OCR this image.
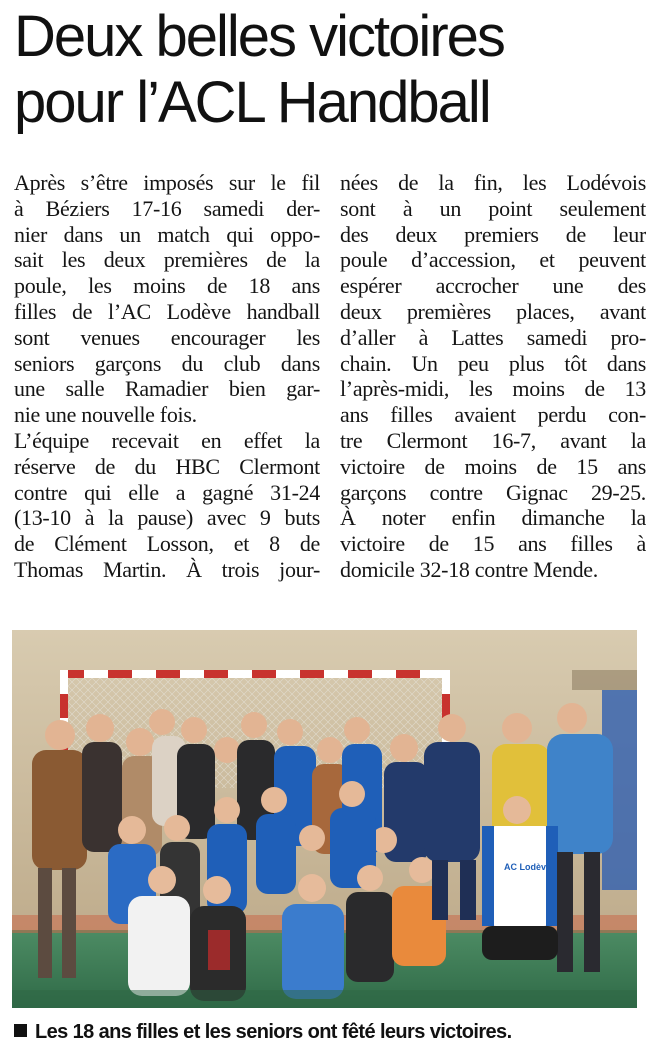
Deux belles victoires
pour l’ACL Handball
Après s’être imposés sur le fil
à Béziers 17-16 samedi der-
nier dans un match qui oppo-
sait les deux premières de la
poule, les moins de 18 ans
filles de l’AC Lodève handball
sont venues encourager les
seniors garçons du club dans
une salle Ramadier bien gar-
nie une nouvelle fois.
L’équipe recevait en effet la
réserve de du HBC Clermont
contre qui elle a gagné 31-24
(13-10 à la pause) avec 9 buts
de Clément Losson, et 8 de
Thomas Martin. À trois jour-
nées de la fin, les Lodévois
sont à un point seulement
des deux premiers de leur
poule d’accession, et peuvent
espérer accrocher une des
deux premières places, avant
d’aller à Lattes samedi pro-
chain. Un peu plus tôt dans
l’après-midi, les moins de 13
ans filles avaient perdu con-
tre Clermont 16-7, avant la
victoire de moins de 15 ans
garçons contre Gignac 29-25.
À noter enfin dimanche la
victoire de 15 ans filles à
domicile 32-18 contre Mende.
AC Lodève
Les 18 ans filles et les seniors ont fêté leurs victoires.
